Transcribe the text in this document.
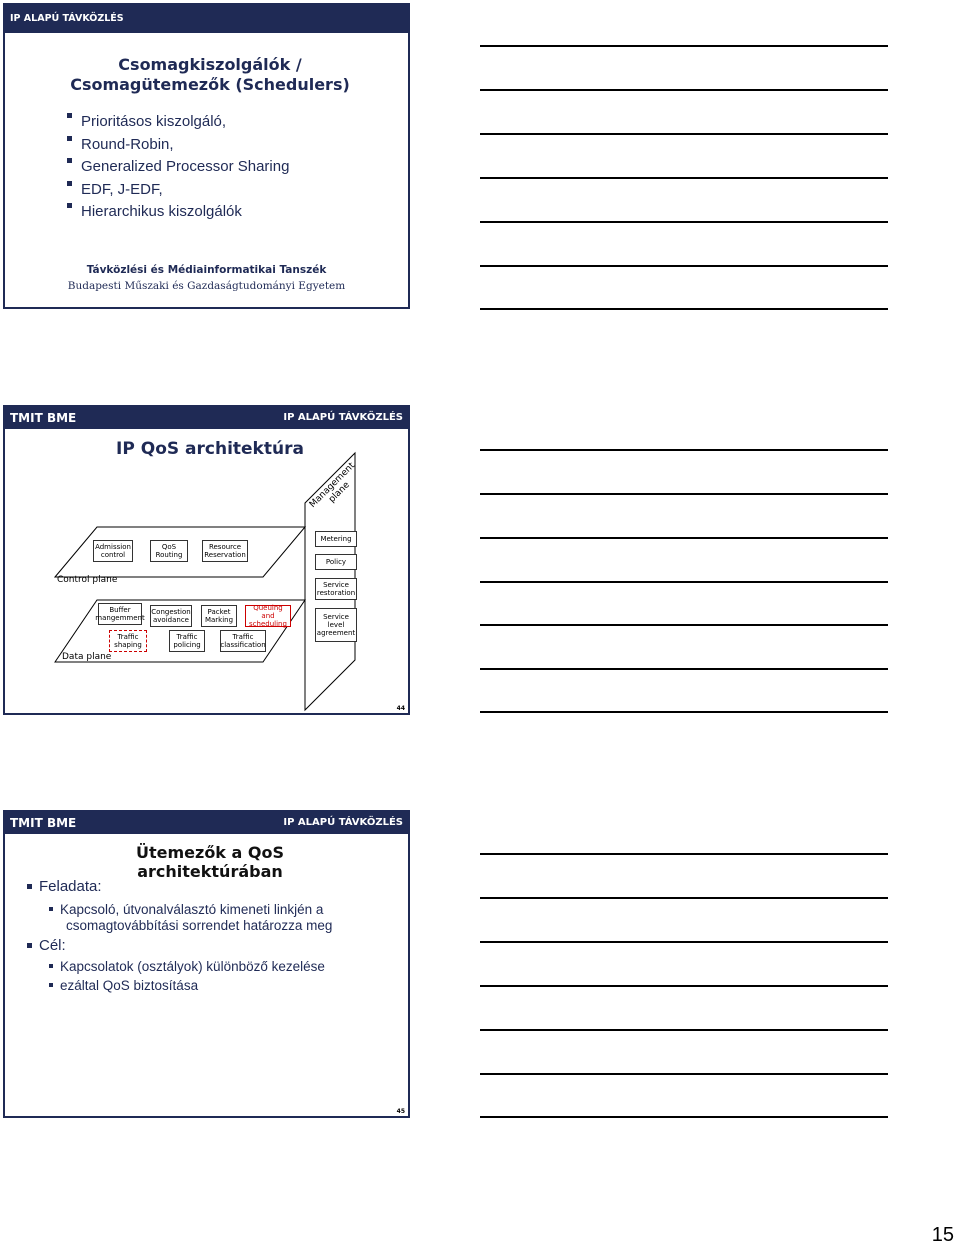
IP ALAPÚ TÁVKÖZLÉS
Csomagkiszolgálók / Csomagütemezők (Schedulers)
Prioritásos kiszolgáló,
Round-Robin,
Generalized Processor Sharing
EDF, J-EDF,
Hierarchikus kiszolgálók
Távközlési és Médiainformatikai Tanszék
Budapesti Műszaki és Gazdaságtudományi Egyetem
TMIT BME	IP ALAPÚ TÁVKÖZLÉS
IP QoS architektúra
Management plane
Control plane
Data plane
Admission control
QoS Routing
Resource Reservation
Buffer mangemment
Congestion avoidance
Packet Marking
Queuing and scheduling
Traffic shaping
Traffic policing
Traffic classification
Metering
Policy
Service restoration
Service level agreement
44
TMIT BME	IP ALAPÚ TÁVKÖZLÉS
Ütemezők a QoS architektúrában
Feladata:
Kapcsoló, útvonalválasztó kimeneti linkjén a
csomagtovábbítási sorrendet határozza meg
Cél:
Kapcsolatok (osztályok) különböző kezelése
ezáltal QoS biztosítása
45
15
